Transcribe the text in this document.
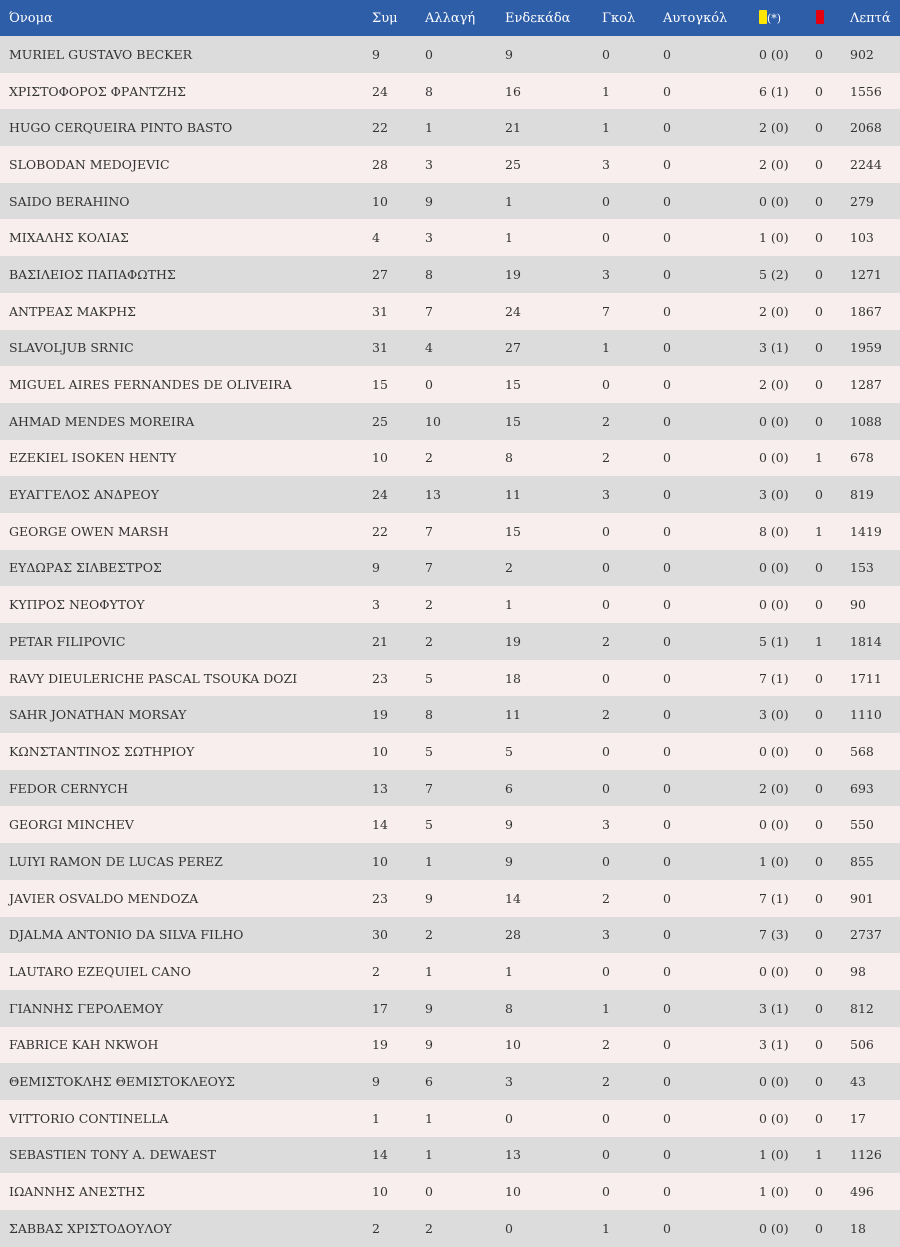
Όνομα	Συμ	Αλλαγή	Ενδεκάδα	Γκολ	Αυτογκόλ	(*)		Λεπτά
MURIEL GUSTAVO BECKER	9	0	9	0	0	0 (0)	0	902
ΧΡΙΣΤΟΦΟΡΟΣ ΦΡΑΝΤΖΗΣ	24	8	16	1	0	6 (1)	0	1556
HUGO CERQUEIRA PINTO BASTO	22	1	21	1	0	2 (0)	0	2068
SLOBODAN MEDOJEVIC	28	3	25	3	0	2 (0)	0	2244
SAIDO BERAHINO	10	9	1	0	0	0 (0)	0	279
ΜΙΧΑΛΗΣ ΚΟΛΙΑΣ	4	3	1	0	0	1 (0)	0	103
ΒΑΣΙΛΕΙΟΣ ΠΑΠΑΦΩΤΗΣ	27	8	19	3	0	5 (2)	0	1271
ΑΝΤΡΕΑΣ ΜΑΚΡΗΣ	31	7	24	7	0	2 (0)	0	1867
SLAVOLJUB SRNIC	31	4	27	1	0	3 (1)	0	1959
MIGUEL AIRES FERNANDES DE OLIVEIRA	15	0	15	0	0	2 (0)	0	1287
AHMAD MENDES MOREIRA	25	10	15	2	0	0 (0)	0	1088
EZEKIEL ISOKEN HENTY	10	2	8	2	0	0 (0)	1	678
ΕΥΑΓΓΕΛΟΣ ΑΝΔΡΕΟΥ	24	13	11	3	0	3 (0)	0	819
GEORGE OWEN MARSH	22	7	15	0	0	8 (0)	1	1419
ΕΥΔΩΡΑΣ ΣΙΛΒΕΣΤΡΟΣ	9	7	2	0	0	0 (0)	0	153
ΚΥΠΡΟΣ ΝΕΟΦΥΤΟΥ	3	2	1	0	0	0 (0)	0	90
PETAR FILIPOVIC	21	2	19	2	0	5 (1)	1	1814
RAVY DIEULERICHE PASCAL TSOUKA DOZI	23	5	18	0	0	7 (1)	0	1711
SAHR JONATHAN MORSAY	19	8	11	2	0	3 (0)	0	1110
ΚΩΝΣΤΑΝΤΙΝΟΣ ΣΩΤΗΡΙΟΥ	10	5	5	0	0	0 (0)	0	568
FEDOR CERNYCH	13	7	6	0	0	2 (0)	0	693
GEORGI MINCHEV	14	5	9	3	0	0 (0)	0	550
LUIYI RAMON DE LUCAS PEREZ	10	1	9	0	0	1 (0)	0	855
JAVIER OSVALDO MENDOZA	23	9	14	2	0	7 (1)	0	901
DJALMA ANTONIO DA SILVA FILHO	30	2	28	3	0	7 (3)	0	2737
LAUTARO EZEQUIEL CANO	2	1	1	0	0	0 (0)	0	98
ΓΙΑΝΝΗΣ ΓΕΡΟΛΕΜΟΥ	17	9	8	1	0	3 (1)	0	812
FABRICE KAH NKWOH	19	9	10	2	0	3 (1)	0	506
ΘΕΜΙΣΤΟΚΛΗΣ ΘΕΜΙΣΤΟΚΛΕΟΥΣ	9	6	3	2	0	0 (0)	0	43
VITTORIO CONTINELLA	1	1	0	0	0	0 (0)	0	17
SEBASTIEN TONY A. DEWAEST	14	1	13	0	0	1 (0)	1	1126
ΙΩΑΝΝΗΣ ΑΝΕΣΤΗΣ	10	0	10	0	0	1 (0)	0	496
ΣΑΒΒΑΣ ΧΡΙΣΤΟΔΟΥΛΟΥ	2	2	0	1	0	0 (0)	0	18
